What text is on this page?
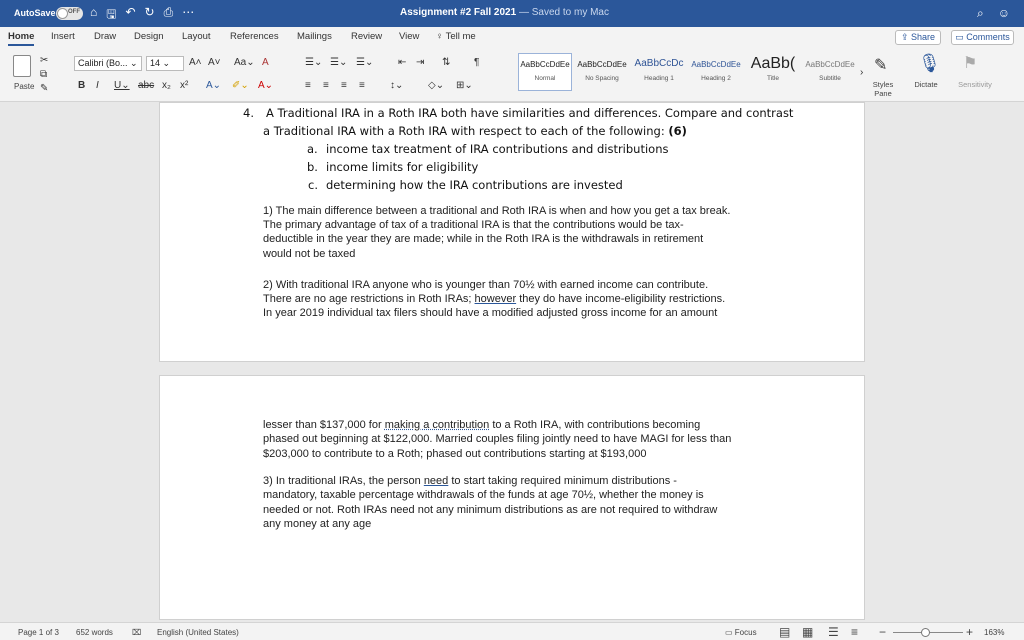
AutoSave OFF ⌂ 🖫 ↶ ↻ ⎙ ⋯	Assignment #2 Fall 2021 — Saved to my Mac	⌕ ☺
Home Insert Draw Design Layout References Mailings Review View ♀ Tell me	⇪ Share	▭ Comments
Paste
✂
⧉
✎
Calibri (Bo... ⌄	14 ⌄	A˄ A˅ Aa⌄ A
B I U⌄ abc x₂ x² A⌄ ✐⌄ A⌄
☰⌄ ☰⌄ ☰⌄ ⇤ ⇥ ⇅ ¶
≡ ≡ ≡ ≡	↕⌄ ◇⌄ ⊞⌄
AaBbCcDdEe
Normal
AaBbCcDdEe
No Spacing
AaBbCcDc
Heading 1
AaBbCcDdEe
Heading 2
AaBb(
Title
AaBbCcDdEe
Subtitle
› ✎
Styles Pane
🎙
Dictate
⚑
Sensitivity
4. A Traditional IRA in a Roth IRA both have similarities and differences. Compare and contrast
a Traditional IRA with a Roth IRA with respect to each of the following: (6)
a. income tax treatment of IRA contributions and distributions
b. income limits for eligibility
c. determining how the IRA contributions are invested
1) The main difference between a traditional and Roth IRA is when and how you get a tax break.
The primary advantage of tax of a traditional IRA is that the contributions would be tax-
deductible in the year they are made; while in the Roth IRA is the withdrawals in retirement
would not be taxed
2) With traditional IRA anyone who is younger than 70½ with earned income can contribute.
There are no age restrictions in Roth IRAs; however they do have income-eligibility restrictions.
In year 2019 individual tax filers should have a modified adjusted gross income for an amount
lesser than $137,000 for making a contribution to a Roth IRA, with contributions becoming
phased out beginning at $122,000. Married couples filing jointly need to have MAGI for less than
$203,000 to contribute to a Roth; phased out contributions starting at $193,000
3) In traditional IRAs, the person need to start taking required minimum distributions -
mandatory, taxable percentage withdrawals of the funds at age 70½, whether the money is
needed or not. Roth IRAs need not any minimum distributions as are not required to withdraw
any money at any age
Page 1 of 3 652 words ⌧ English (United States)	▭ Focus ▤ ▦ ☰ ≡ −	+ 163%
